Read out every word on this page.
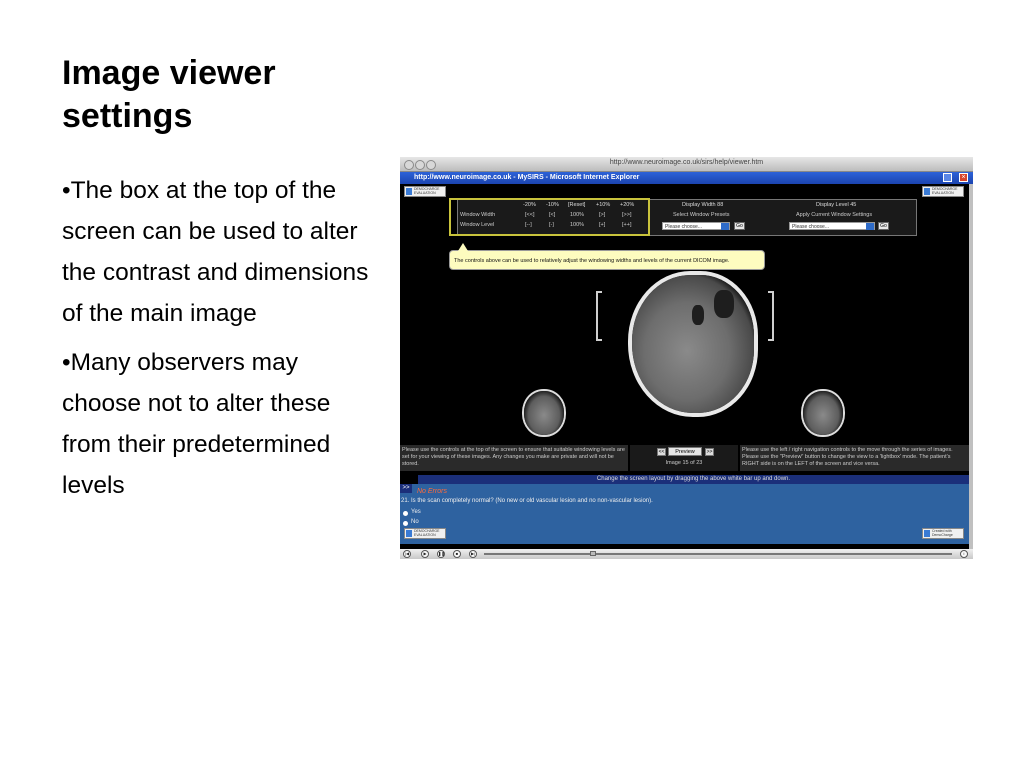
Image viewer settings
• The box at the top of the screen can be used to alter the contrast and dimensions of the main image
• Many observers may choose not to alter these from their predetermined levels
http://www.neuroimage.co.uk/sirs/help/viewer.htm
http://www.neuroimage.co.uk - MySIRS - Microsoft Internet Explorer	×
DEMOCHARGE EVALUATION
DEMOCHARGE EVALUATION
-20% -10% [Reset] +10% +20%
Window Width	[<<]	[<]	100%	[>]	[>>]
Window Level	[--]	[-]	100%	[+]	[++]
Display Width 88	Display Level 45
Select Window Presets	Apply Current Window Settings
Please choose...	Go	Please choose...	Go
The controls above can be used to relatively adjust the windowing widths and levels of the current DICOM image.
Please use the controls at the top of the screen to ensure that suitable windowing levels are set for your viewing of these images. Any changes you make are private and will not be stored.
<<	Preview	>>
Image 15 of 23
Please use the left / right navigation controls to the move through the series of images. Please use the "Preview" button to change the view to a 'lightbox' mode. The patient's RIGHT side is on the LEFT of the screen and vice versa.
Change the screen layout by dragging the above white bar up and down.
>>	No Errors
21. Is the scan completely normal? (No new or old vascular lesion and no non-vascular lesion).
Yes
No
DEMOCHARGE EVALUATION
Created with DemoCharge
|◀	▶	❚❚	■	▶|	i
